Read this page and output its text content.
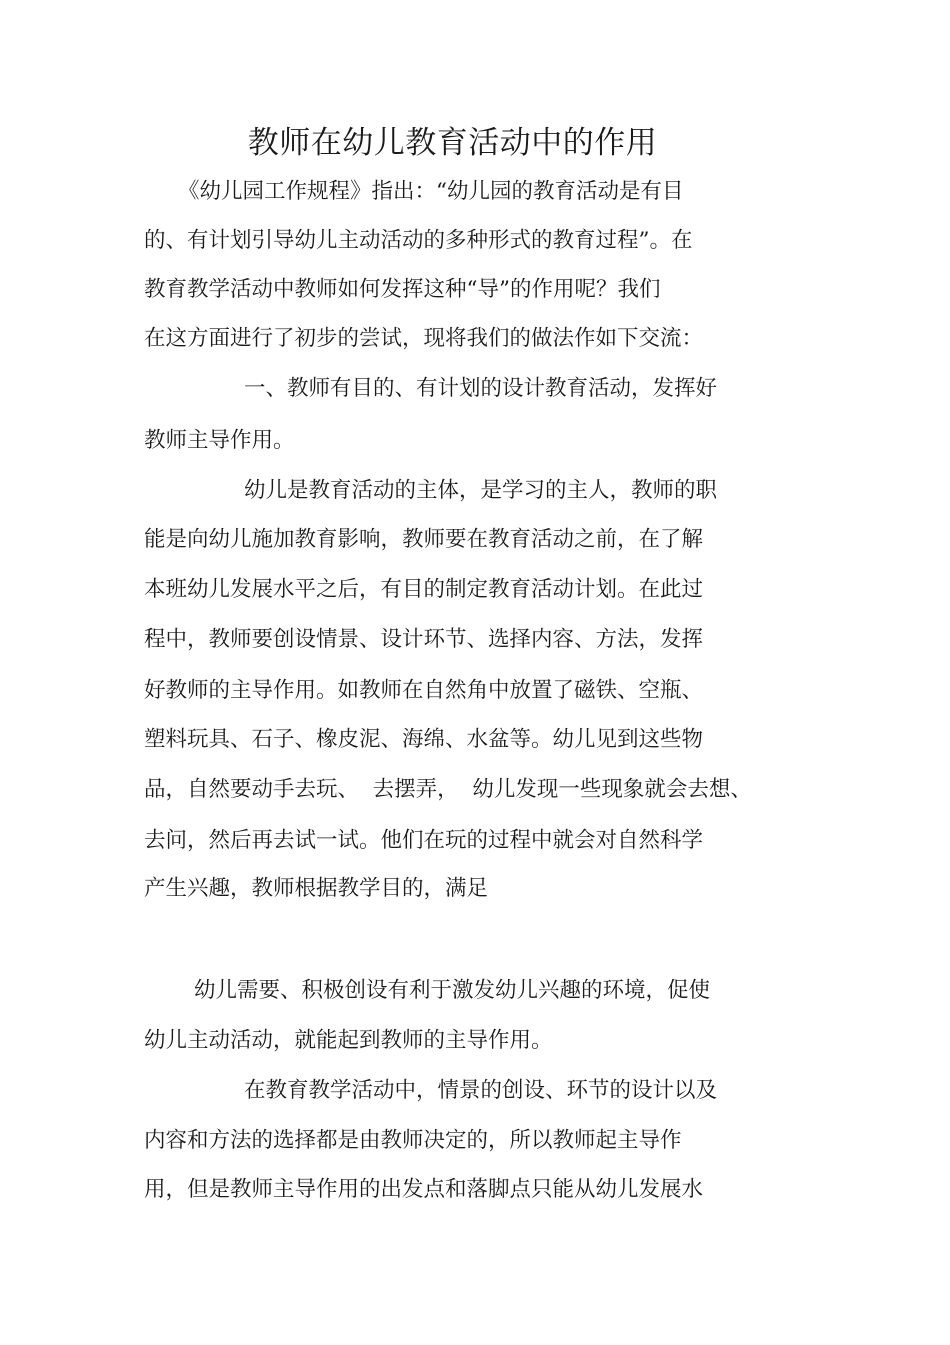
教师在幼儿教育活动中的作用
《幼儿园工作规程》指出：“幼儿园的教育活动是有目
的、有计划引导幼儿主动活动的多种形式的教育过程”。在
教育教学活动中教师如何发挥这种“导”的作用呢？我们
在这方面进行了初步的尝试，现将我们的做法作如下交流：
一、教师有目的、有计划的设计教育活动，发挥好
教师主导作用。
幼儿是教育活动的主体，是学习的主人，教师的职
能是向幼儿施加教育影响，教师要在教育活动之前，在了解
本班幼儿发展水平之后，有目的制定教育活动计划。在此过
程中，教师要创设情景、设计环节、选择内容、方法，发挥
好教师的主导作用。如教师在自然角中放置了磁铁、空瓶、
塑料玩具、石子、橡皮泥、海绵、水盆等。幼儿见到这些物
品，自然要动手去玩、  去摆弄，  幼儿发现一些现象就会去想、
去问，然后再去试一试。他们在玩的过程中就会对自然科学
产生兴趣，教师根据教学目的，满足
幼儿需要、积极创设有利于激发幼儿兴趣的环境，促使
幼儿主动活动，就能起到教师的主导作用。
在教育教学活动中，情景的创设、环节的设计以及
内容和方法的选择都是由教师决定的，所以教师起主导作
用，但是教师主导作用的出发点和落脚点只能从幼儿发展水
